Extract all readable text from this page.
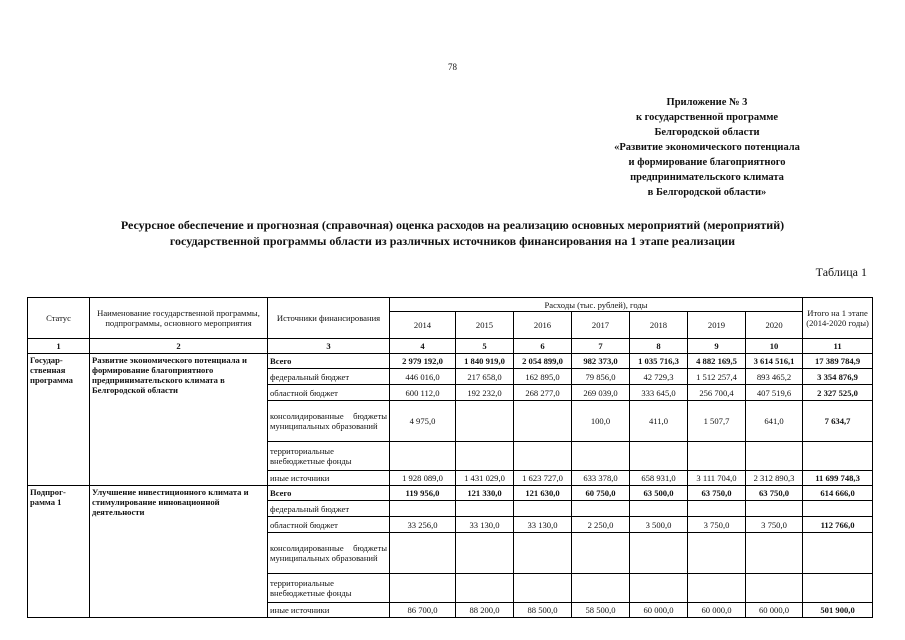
78
Приложение № 3
к государственной программе
Белгородской области
«Развитие экономического потенциала
и формирование благоприятного
предпринимательского климата
в Белгородской области»
Ресурсное обеспечение и прогнозная (справочная) оценка расходов на реализацию основных мероприятий (мероприятий)
государственной программы области из различных источников финансирования на 1 этапе реализации
Таблица 1
Статус	Наименование государственной программы, подпрограммы, основного мероприятия	Источники финансирования	Расходы (тыс. рублей), годы							Итого на 1 этапе (2014-2020 годы)
			2014	2015	2016	2017	2018	2019	2020	
1	2	3	4	5	6	7	8	9	10	11
Государ-ственная программа	Развитие экономического потенциала и формирование благоприятного предпринимательского климата в Белгородской области	Всего	2 979 192,0	1 840 919,0	2 054 899,0	982 373,0	1 035 716,3	4 882 169,5	3 614 516,1	17 389 784,9
		федеральный бюджет	446 016,0	217 658,0	162 895,0	79 856,0	42 729,3	1 512 257,4	893 465,2	3 354 876,9
		областной бюджет	600 112,0	192 232,0	268 277,0	269 039,0	333 645,0	256 700,4	407 519,6	2 327 525,0
		консолидированные бюджеты муниципальных образований	4 975,0			100,0	411,0	1 507,7	641,0	7 634,7
		территориальные внебюджетные фонды								
		иные источники	1 928 089,0	1 431 029,0	1 623 727,0	633 378,0	658 931,0	3 111 704,0	2 312 890,3	11 699 748,3
Подпрог-рамма 1	Улучшение инвестиционного климата и стимулирование инновационной деятельности	Всего	119 956,0	121 330,0	121 630,0	60 750,0	63 500,0	63 750,0	63 750,0	614 666,0
		федеральный бюджет								
		областной бюджет	33 256,0	33 130,0	33 130,0	2 250,0	3 500,0	3 750,0	3 750,0	112 766,0
		консолидированные бюджеты муниципальных образований								
		территориальные внебюджетные фонды								
		иные источники	86 700,0	88 200,0	88 500,0	58 500,0	60 000,0	60 000,0	60 000,0	501 900,0
